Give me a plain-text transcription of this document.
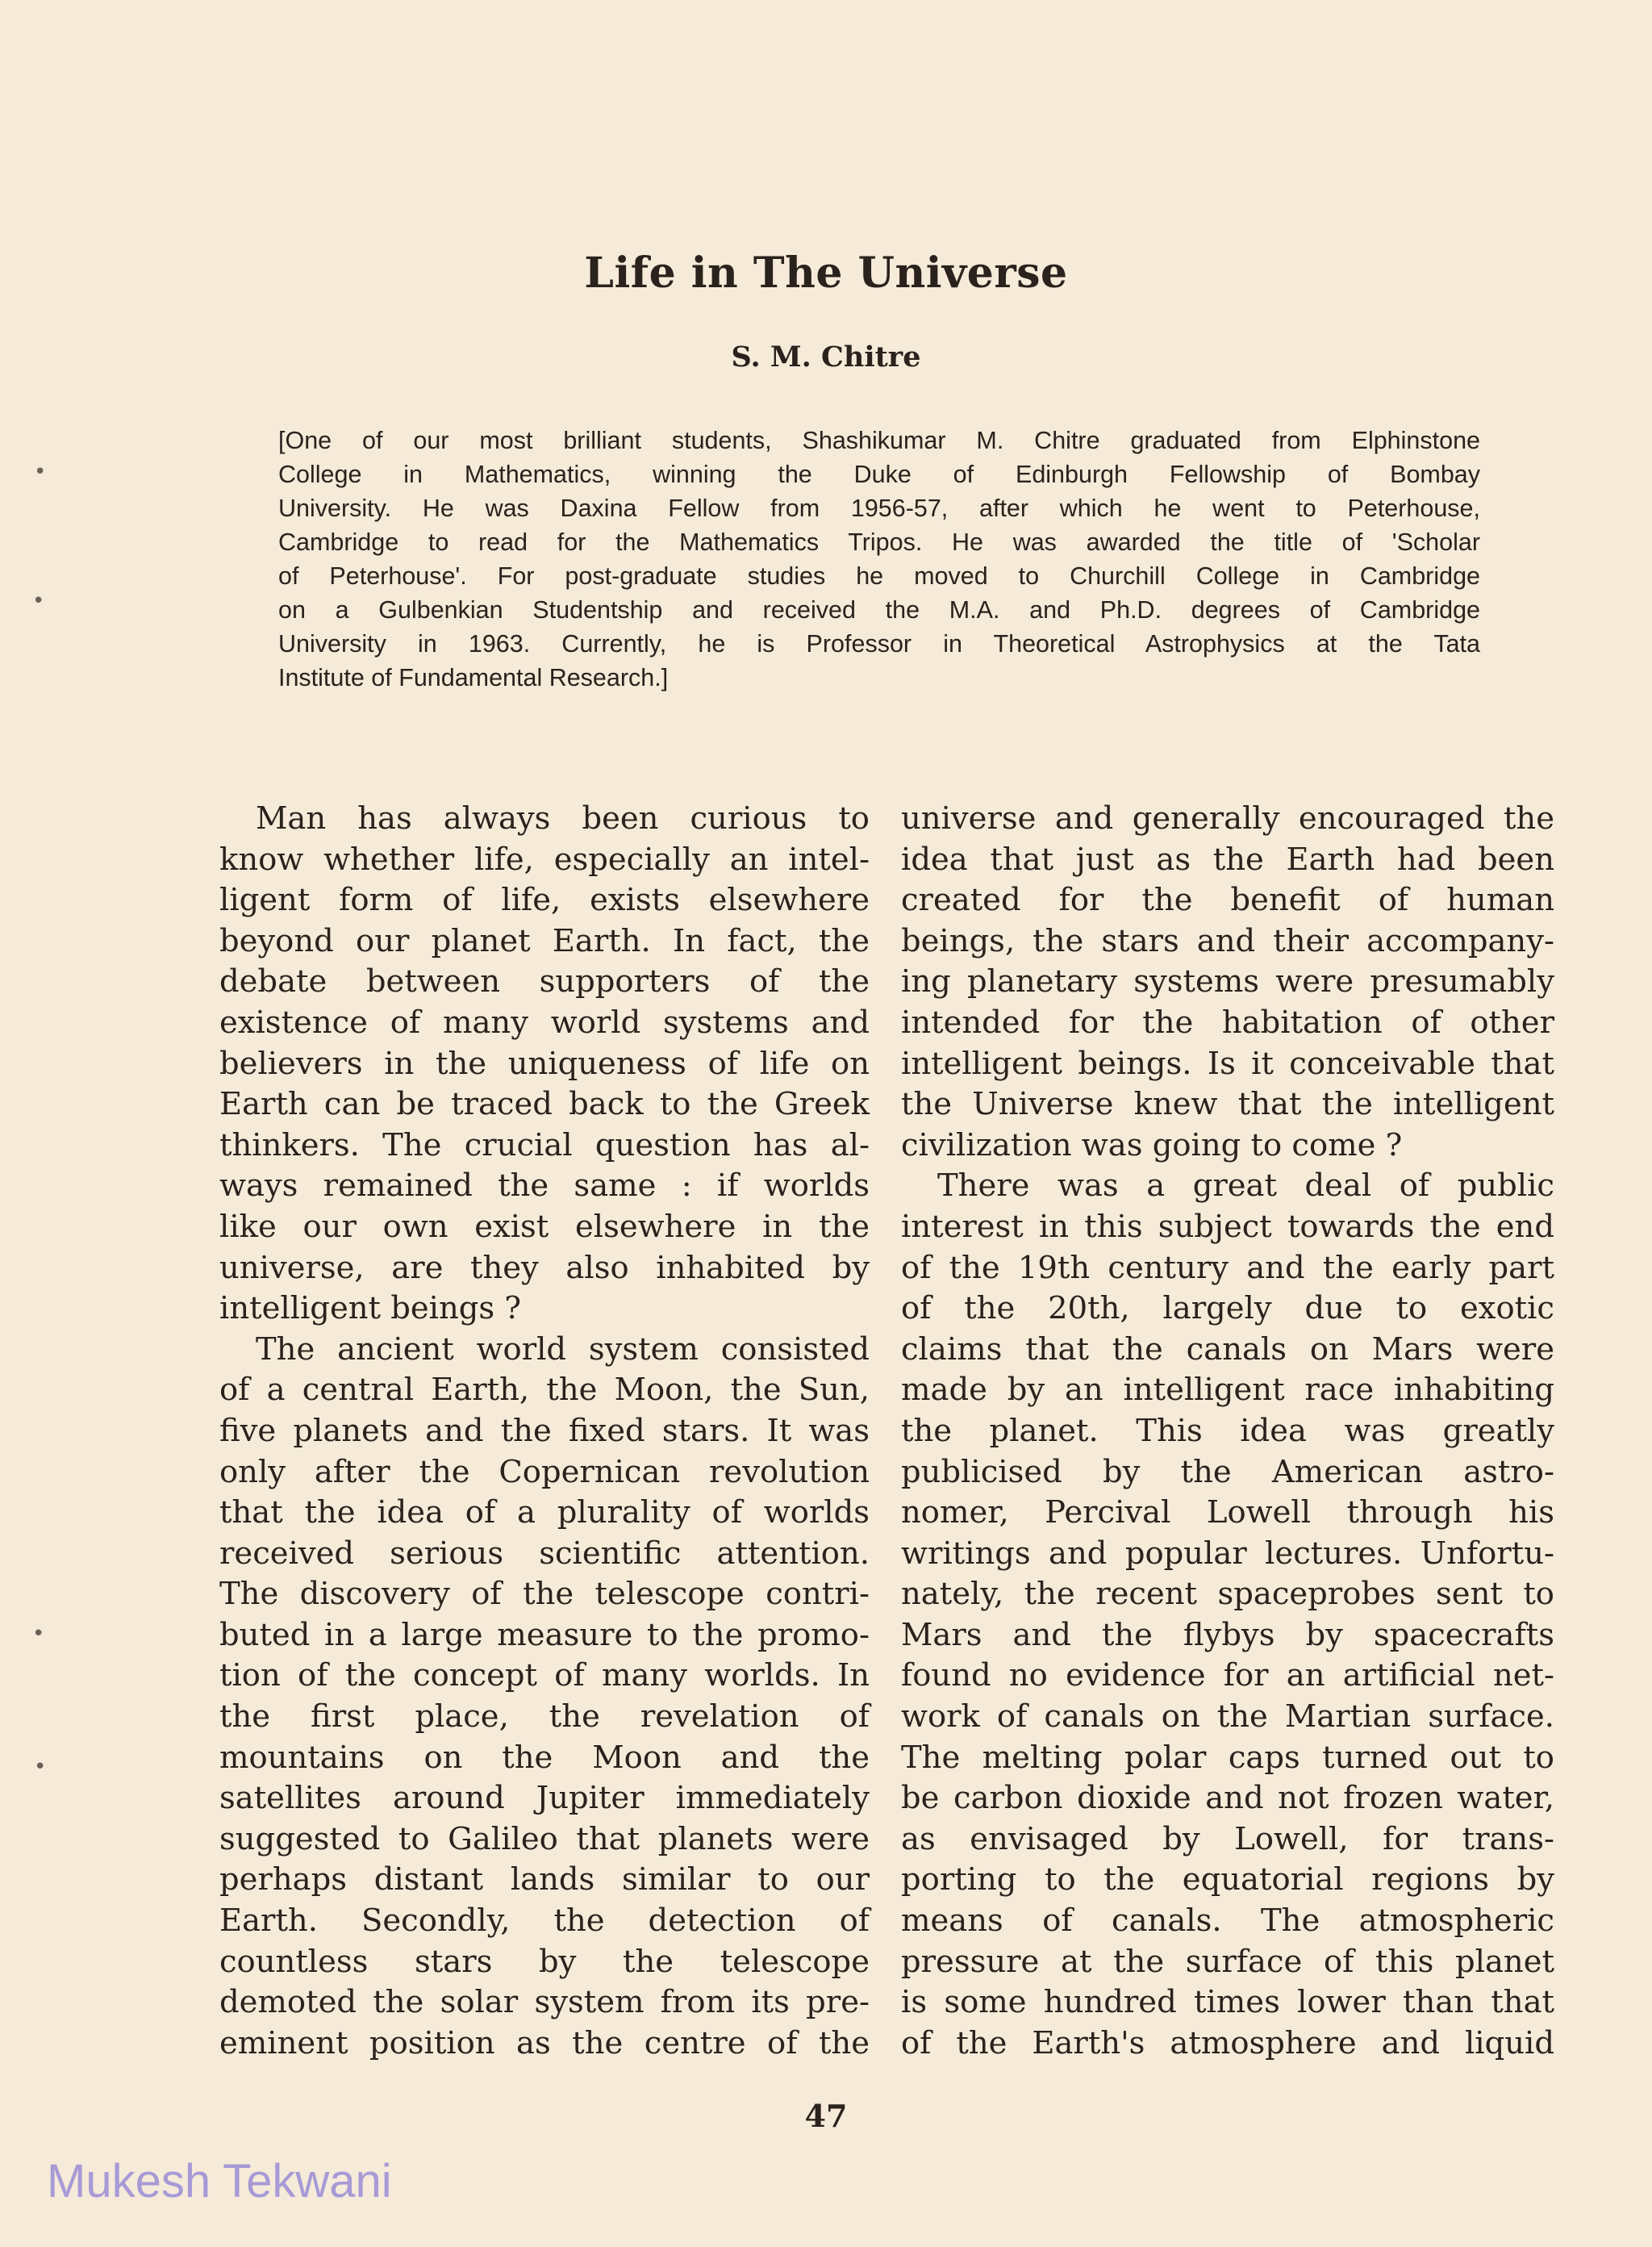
Life in The Universe

S. M. Chitre

[One of our most brilliant students, Shashikumar M. Chitre graduated from Elphinstone
College in Mathematics, winning the Duke of Edinburgh Fellowship of Bombay
University. He was Daxina Fellow from 1956-57, after which he went to Peterhouse,
Cambridge to read for the Mathematics Tripos. He was awarded the title of 'Scholar
of Peterhouse'. For post-graduate studies he moved to Churchill College in Cambridge
on a Gulbenkian Studentship and received the M.A. and Ph.D. degrees of Cambridge
University in 1963. Currently, he is Professor in Theoretical Astrophysics at the Tata
Institute of Fundamental Research.]
Man has always been curious to
know whether life, especially an intel-
ligent form of life, exists elsewhere
beyond our planet Earth. In fact, the
debate between supporters of the
existence of many world systems and
believers in the uniqueness of life on
Earth can be traced back to the Greek
thinkers. The crucial question has al-
ways remained the same : if worlds
like our own exist elsewhere in the
universe, are they also inhabited by
intelligent beings ?
The ancient world system consisted
of a central Earth, the Moon, the Sun,
five planets and the fixed stars. It was
only after the Copernican revolution
that the idea of a plurality of worlds
received serious scientific attention.
The discovery of the telescope contri-
buted in a large measure to the promo-
tion of the concept of many worlds. In
the first place, the revelation of
mountains on the Moon and the
satellites around Jupiter immediately
suggested to Galileo that planets were
perhaps distant lands similar to our
Earth. Secondly, the detection of
countless stars by the telescope
demoted the solar system from its pre-
eminent position as the centre of the
universe and generally encouraged the
idea that just as the Earth had been
created for the benefit of human
beings, the stars and their accompany-
ing planetary systems were presumably
intended for the habitation of other
intelligent beings. Is it conceivable that
the Universe knew that the intelligent
civilization was going to come ?
There was a great deal of public
interest in this subject towards the end
of the 19th century and the early part
of the 20th, largely due to exotic
claims that the canals on Mars were
made by an intelligent race inhabiting
the planet. This idea was greatly
publicised by the American astro-
nomer, Percival Lowell through his
writings and popular lectures. Unfortu-
nately, the recent spaceprobes sent to
Mars and the flybys by spacecrafts
found no evidence for an artificial net-
work of canals on the Martian surface.
The melting polar caps turned out to
be carbon dioxide and not frozen water,
as envisaged by Lowell, for trans-
porting to the equatorial regions by
means of canals. The atmospheric
pressure at the surface of this planet
is some hundred times lower than that
of the Earth's atmosphere and liquid

47

Mukesh Tekwani

•
•
•
•
